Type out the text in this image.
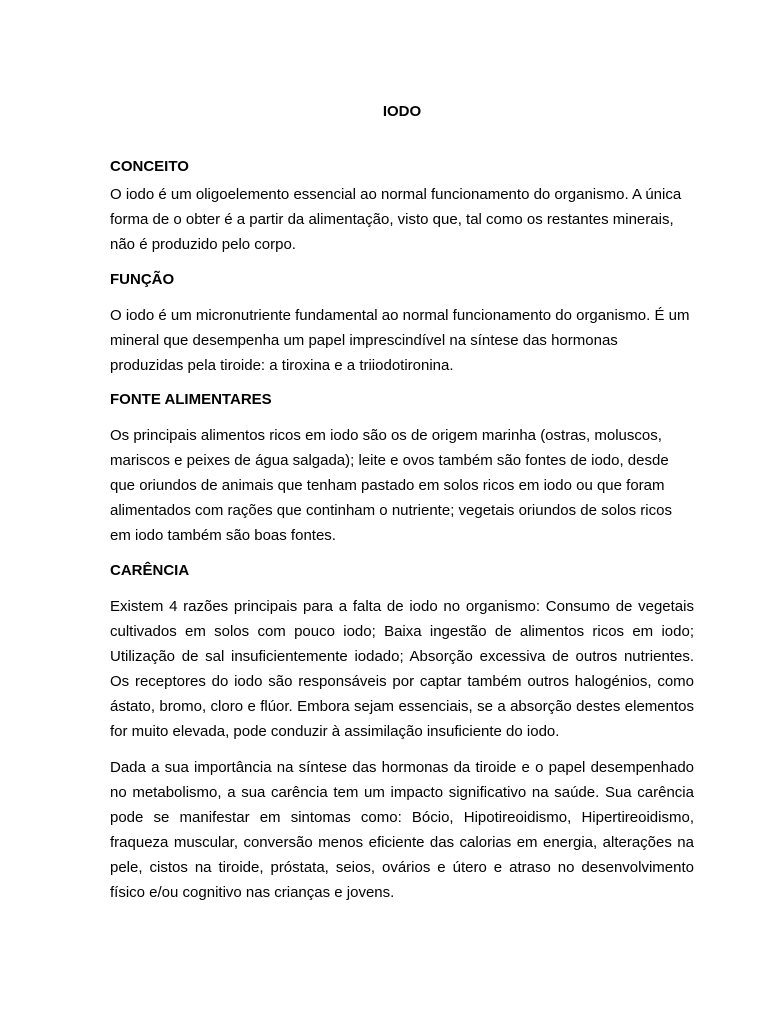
IODO
CONCEITO

O iodo é um oligoelemento essencial ao normal funcionamento do organismo. A única forma de o obter é a partir da alimentação, visto que, tal como os restantes minerais, não é produzido pelo corpo.

FUNÇÃO

O iodo é um micronutriente fundamental ao normal funcionamento do organismo. É um mineral que desempenha um papel imprescindível na síntese das hormonas produzidas pela tiroide: a tiroxina e a triiodotironina.

FONTE ALIMENTARES

Os principais alimentos ricos em iodo são os de origem marinha (ostras, moluscos, mariscos e peixes de água salgada); leite e ovos também são fontes de iodo, desde que oriundos de animais que tenham pastado em solos ricos em iodo ou que foram alimentados com rações que continham o nutriente; vegetais oriundos de solos ricos em iodo também são boas fontes.

CARÊNCIA

Existem 4 razões principais para a falta de iodo no organismo: Consumo de vegetais cultivados em solos com pouco iodo; Baixa ingestão de alimentos ricos em iodo; Utilização de sal insuficientemente iodado; Absorção excessiva de outros nutrientes. Os receptores do iodo são responsáveis por captar também outros halogénios, como ástato, bromo, cloro e flúor. Embora sejam essenciais, se a absorção destes elementos for muito elevada, pode conduzir à assimilação insuficiente do iodo.

Dada a sua importância na síntese das hormonas da tiroide e o papel desempenhado no metabolismo, a sua carência tem um impacto significativo na saúde. Sua carência pode se manifestar em sintomas como: Bócio, Hipotireoidismo, Hipertireoidismo, fraqueza muscular, conversão menos eficiente das calorias em energia, alterações na pele, cistos na tiroide, próstata, seios, ovários e útero e atraso no desenvolvimento físico e/ou cognitivo nas crianças e jovens.
